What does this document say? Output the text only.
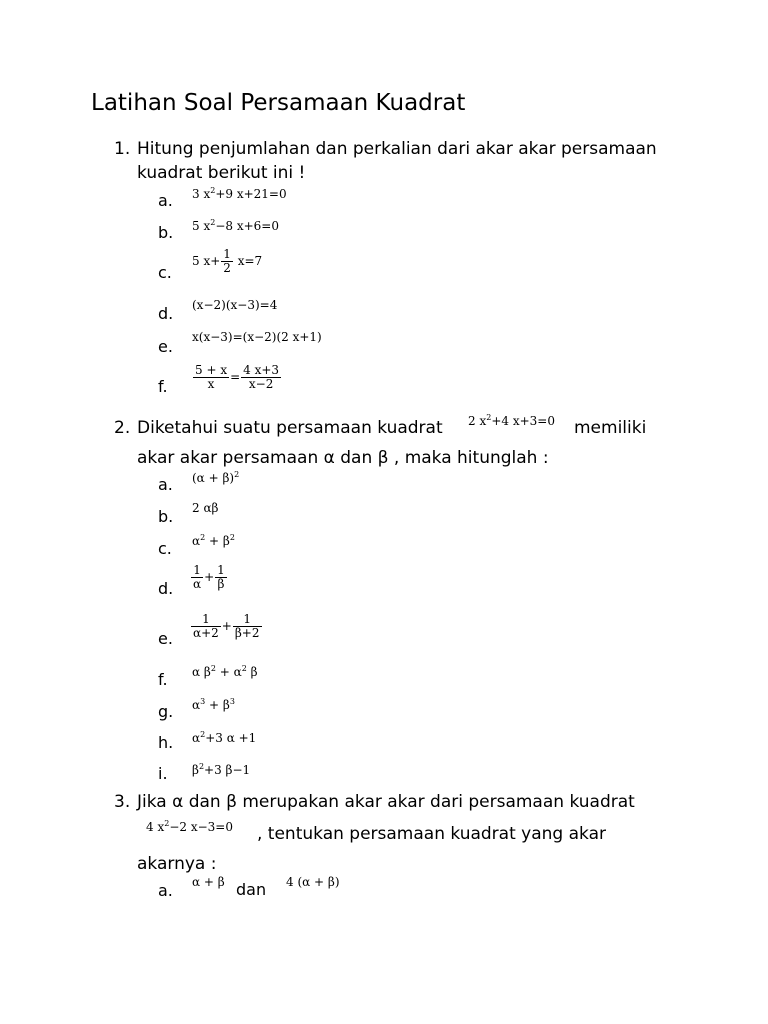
Latihan Soal Persamaan Kuadrat
1. Hitung penjumlahan dan perkalian dari akar akar persamaan
kuadrat berikut ini !
a. 3 $x^2+9$ x+21=0
b. 5 $x^2-8$ x+6=0
c.
5 $x+ \frac{1}{2} x=7$
d. (x−2)(x−3)=4
e. x(x−3)=(x−2)(2 x+1)
f. $\frac{5 + x}{x} = \frac{4 x+3}{x-2}$
2. Diketahui suatu persamaan kuadrat 2 $x^2+4$ x+3=0 memiliki
akar akar persamaan α dan β , maka hitunglah :
a. $(\alpha + \beta)^2$
b. 2 αβ
c. $\alpha^2 + \beta^2$
d. $\frac{1}{\alpha} + \frac{1}{\beta}$
e. $\frac{1}{\alpha+2} + \frac{1}{\beta+2}$
f. α $\beta^2 + \alpha^2$ β
g. $\alpha^3 + \beta^3$
h. $\alpha^2+3$ α +1
i. $\beta^2+3$ β−1
3. Jika α dan β merupakan akar akar dari persamaan kuadrat
4 $x^2-2$ x−3=0 , tentukan persamaan kuadrat yang akar
akarnya :
a. α + β dan 4 (α + β)
